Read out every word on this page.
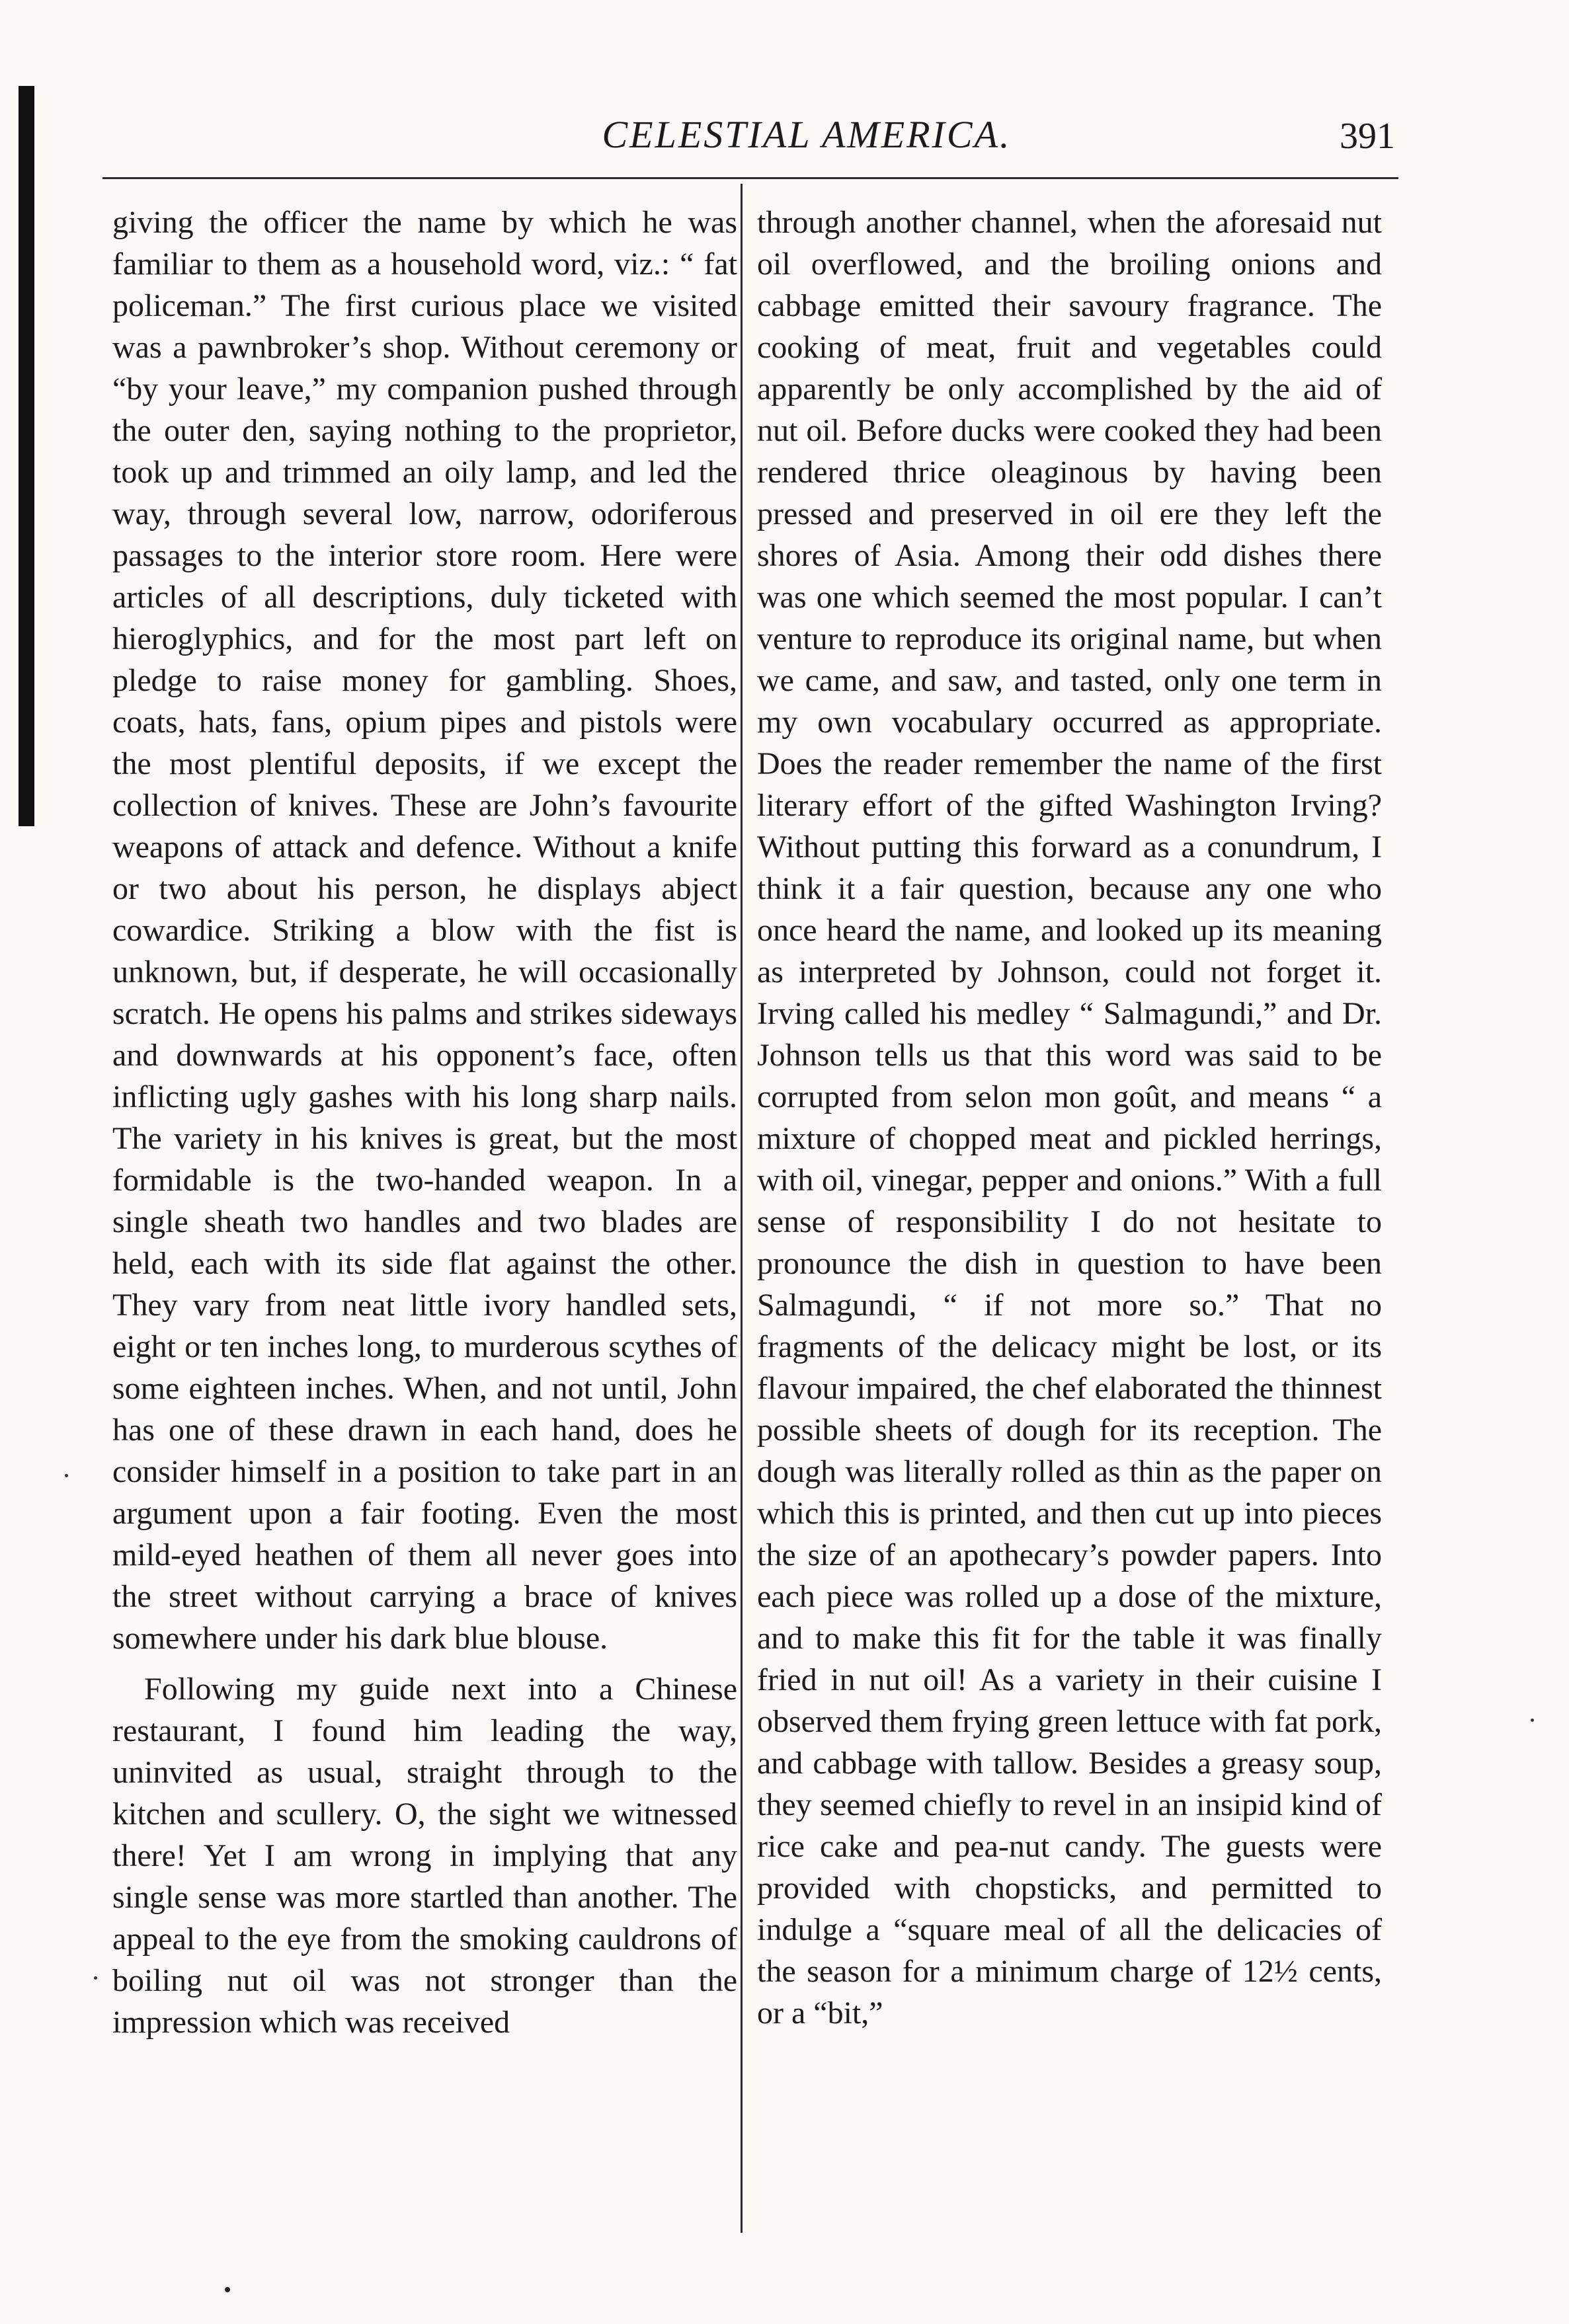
CELESTIAL AMERICA.	391

giving the officer the name by which he was familiar to them as a household word, viz.: “ fat policeman.” The first curious place we visited was a pawnbroker’s shop. Without ceremony or “by your leave,” my companion pushed through the outer den, saying nothing to the proprietor, took up and trimmed an oily lamp, and led the way, through several low, narrow, odoriferous passages to the interior store room. Here were articles of all descriptions, duly ticketed with hieroglyphics, and for the most part left on pledge to raise money for gambling. Shoes, coats, hats, fans, opium pipes and pistols were the most plentiful deposits, if we except the collection of knives. These are John’s favourite weapons of attack and defence. Without a knife or two about his person, he displays abject cowardice. Striking a blow with the fist is unknown, but, if desperate, he will occasionally scratch. He opens his palms and strikes sideways and downwards at his opponent’s face, often inflicting ugly gashes with his long sharp nails. The variety in his knives is great, but the most formidable is the two-handed weapon. In a single sheath two handles and two blades are held, each with its side flat against the other. They vary from neat little ivory handled sets, eight or ten inches long, to murderous scythes of some eighteen inches. When, and not until, John has one of these drawn in each hand, does he consider himself in a position to take part in an argument upon a fair footing. Even the most mild-eyed heathen of them all never goes into the street without carrying a brace of knives somewhere under his dark blue blouse.

Following my guide next into a Chinese restaurant, I found him leading the way, uninvited as usual, straight through to the kitchen and scullery. O, the sight we witnessed there! Yet I am wrong in implying that any single sense was more startled than another. The appeal to the eye from the smoking cauldrons of boiling nut oil was not stronger than the impression which was received

through another channel, when the aforesaid nut oil overflowed, and the broiling onions and cabbage emitted their savoury fragrance. The cooking of meat, fruit and vegetables could apparently be only accomplished by the aid of nut oil. Before ducks were cooked they had been rendered thrice oleaginous by having been pressed and preserved in oil ere they left the shores of Asia. Among their odd dishes there was one which seemed the most popular. I can’t venture to reproduce its original name, but when we came, and saw, and tasted, only one term in my own vocabulary occurred as appropriate. Does the reader remember the name of the first literary effort of the gifted Washington Irving? Without putting this forward as a conundrum, I think it a fair question, because any one who once heard the name, and looked up its meaning as interpreted by Johnson, could not forget it. Irving called his medley “ Salmagundi,” and Dr. Johnson tells us that this word was said to be corrupted from selon mon goût, and means “ a mixture of chopped meat and pickled herrings, with oil, vinegar, pepper and onions.” With a full sense of responsibility I do not hesitate to pronounce the dish in question to have been Salmagundi, “ if not more so.” That no fragments of the delicacy might be lost, or its flavour impaired, the chef elaborated the thinnest possible sheets of dough for its reception. The dough was literally rolled as thin as the paper on which this is printed, and then cut up into pieces the size of an apothecary’s powder papers. Into each piece was rolled up a dose of the mixture, and to make this fit for the table it was finally fried in nut oil! As a variety in their cuisine I observed them frying green lettuce with fat pork, and cabbage with tallow. Besides a greasy soup, they seemed chiefly to revel in an insipid kind of rice cake and pea-nut candy. The guests were provided with chopsticks, and permitted to indulge a “square meal of all the delicacies of the season for a minimum charge of 12½ cents, or a “bit,”
